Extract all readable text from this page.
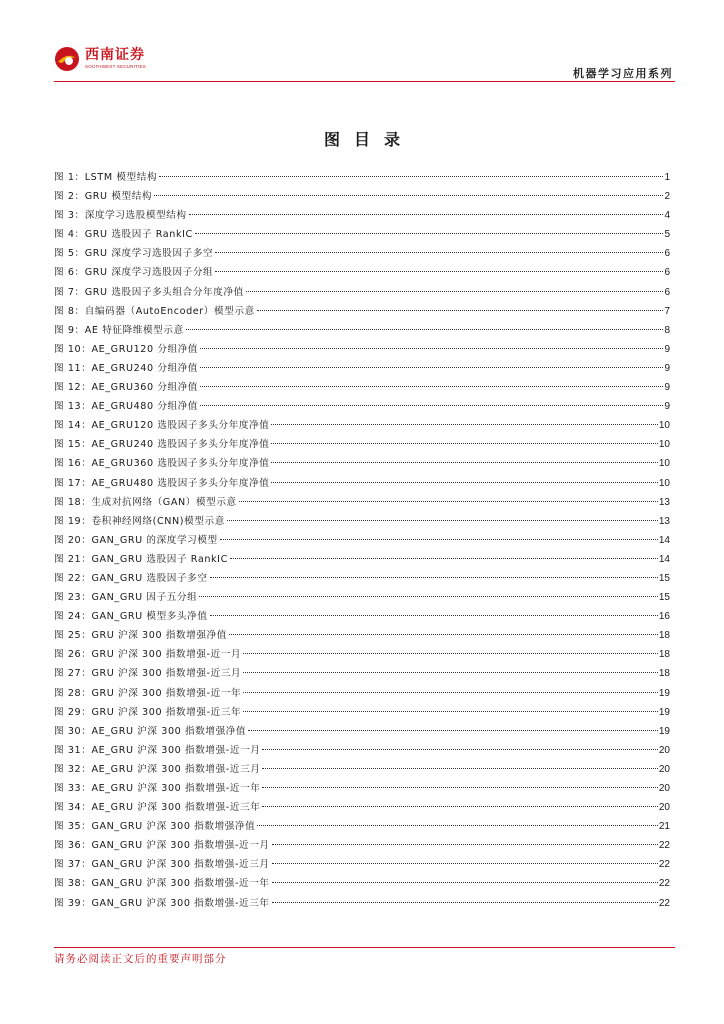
西南证券
SOUTHWEST SECURITIES
机器学习应用系列
图目录
图 1：LSTM 模型结构	1
图 2：GRU 模型结构	2
图 3：深度学习选股模型结构	4
图 4：GRU 选股因子 RankIC	5
图 5：GRU 深度学习选股因子多空	6
图 6：GRU 深度学习选股因子分组	6
图 7：GRU 选股因子多头组合分年度净值	6
图 8：自编码器（AutoEncoder）模型示意	7
图 9：AE 特征降维模型示意	8
图 10：AE_GRU120 分组净值	9
图 11：AE_GRU240 分组净值	9
图 12：AE_GRU360 分组净值	9
图 13：AE_GRU480 分组净值	9
图 14：AE_GRU120 选股因子多头分年度净值	10
图 15：AE_GRU240 选股因子多头分年度净值	10
图 16：AE_GRU360 选股因子多头分年度净值	10
图 17：AE_GRU480 选股因子多头分年度净值	10
图 18：生成对抗网络（GAN）模型示意	13
图 19：卷积神经网络(CNN)模型示意	13
图 20：GAN_GRU 的深度学习模型	14
图 21：GAN_GRU 选股因子 RankIC	14
图 22：GAN_GRU 选股因子多空	15
图 23：GAN_GRU 因子五分组	15
图 24：GAN_GRU 模型多头净值	16
图 25：GRU 沪深 300 指数增强净值	18
图 26：GRU 沪深 300 指数增强-近一月	18
图 27：GRU 沪深 300 指数增强-近三月	18
图 28：GRU 沪深 300 指数增强-近一年	19
图 29：GRU 沪深 300 指数增强-近三年	19
图 30：AE_GRU 沪深 300 指数增强净值	19
图 31：AE_GRU 沪深 300 指数增强-近一月	20
图 32：AE_GRU 沪深 300 指数增强-近三月	20
图 33：AE_GRU 沪深 300 指数增强-近一年	20
图 34：AE_GRU 沪深 300 指数增强-近三年	20
图 35：GAN_GRU 沪深 300 指数增强净值	21
图 36：GAN_GRU 沪深 300 指数增强-近一月	22
图 37：GAN_GRU 沪深 300 指数增强-近三月	22
图 38：GAN_GRU 沪深 300 指数增强-近一年	22
图 39：GAN_GRU 沪深 300 指数增强-近三年	22
请务必阅读正文后的重要声明部分
